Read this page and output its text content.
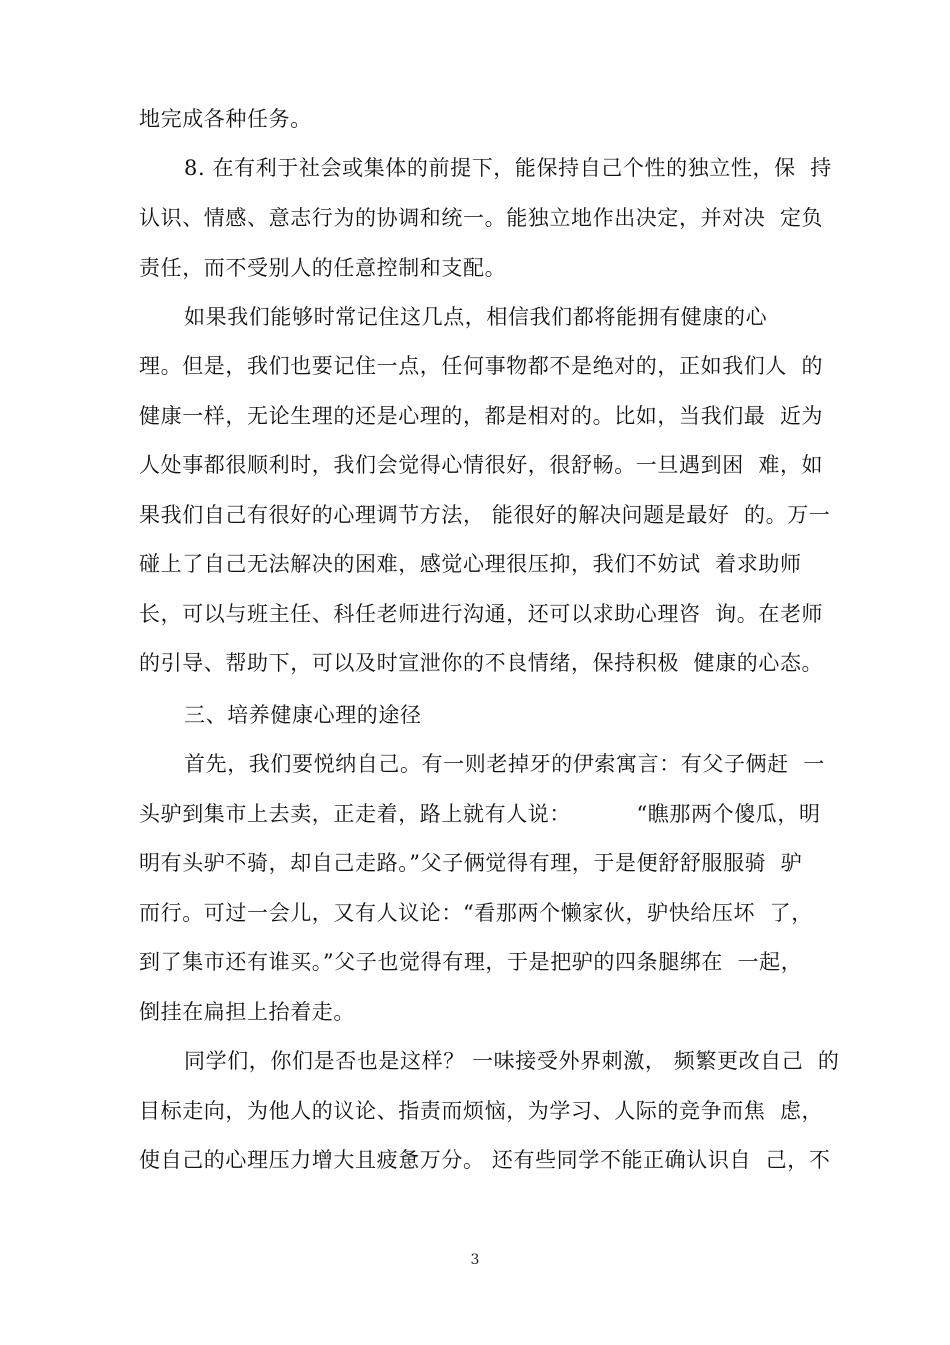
地完成各种任务。
8. 在有利于社会或集体的前提下，能保持自己个性的独立性，保  持
认识、情感、意志行为的协调和统一。能独立地作出决定，并对决  定负
责任，而不受别人的任意控制和支配。
如果我们能够时常记住这几点，相信我们都将能拥有健康的心
理。但是，我们也要记住一点，任何事物都不是绝对的，正如我们人  的
健康一样，无论生理的还是心理的，都是相对的。比如，当我们最  近为
人处事都很顺利时，我们会觉得心情很好，很舒畅。一旦遇到困  难，如
果我们自己有很好的心理调节方法， 能很好的解决问题是最好  的。万一
碰上了自己无法解决的困难，感觉心理很压抑，我们不妨试  着求助师
长，可以与班主任、科任老师进行沟通，还可以求助心理咨  询。在老师
的引导、帮助下，可以及时宣泄你的不良情绪，保持积极  健康的心态。
三、培养健康心理的途径
首先，我们要悦纳自己。有一则老掉牙的伊索寓言：有父子俩赶  一
头驴到集市上去卖，正走着，路上就有人说：         “瞧那两个傻瓜，明
明有头驴不骑，却自己走路。”父子俩觉得有理，于是便舒舒服服骑  驴
而行。可过一会儿，又有人议论：“看那两个懒家伙，驴快给压坏  了，
到了集市还有谁买。”父子也觉得有理，于是把驴的四条腿绑在  一起，
倒挂在扁担上抬着走。
同学们，你们是否也是这样？ 一味接受外界刺激， 频繁更改自己  的
目标走向，为他人的议论、指责而烦恼，为学习、人际的竞争而焦  虑，
使自己的心理压力增大且疲惫万分。 还有些同学不能正确认识自  己，不
3
